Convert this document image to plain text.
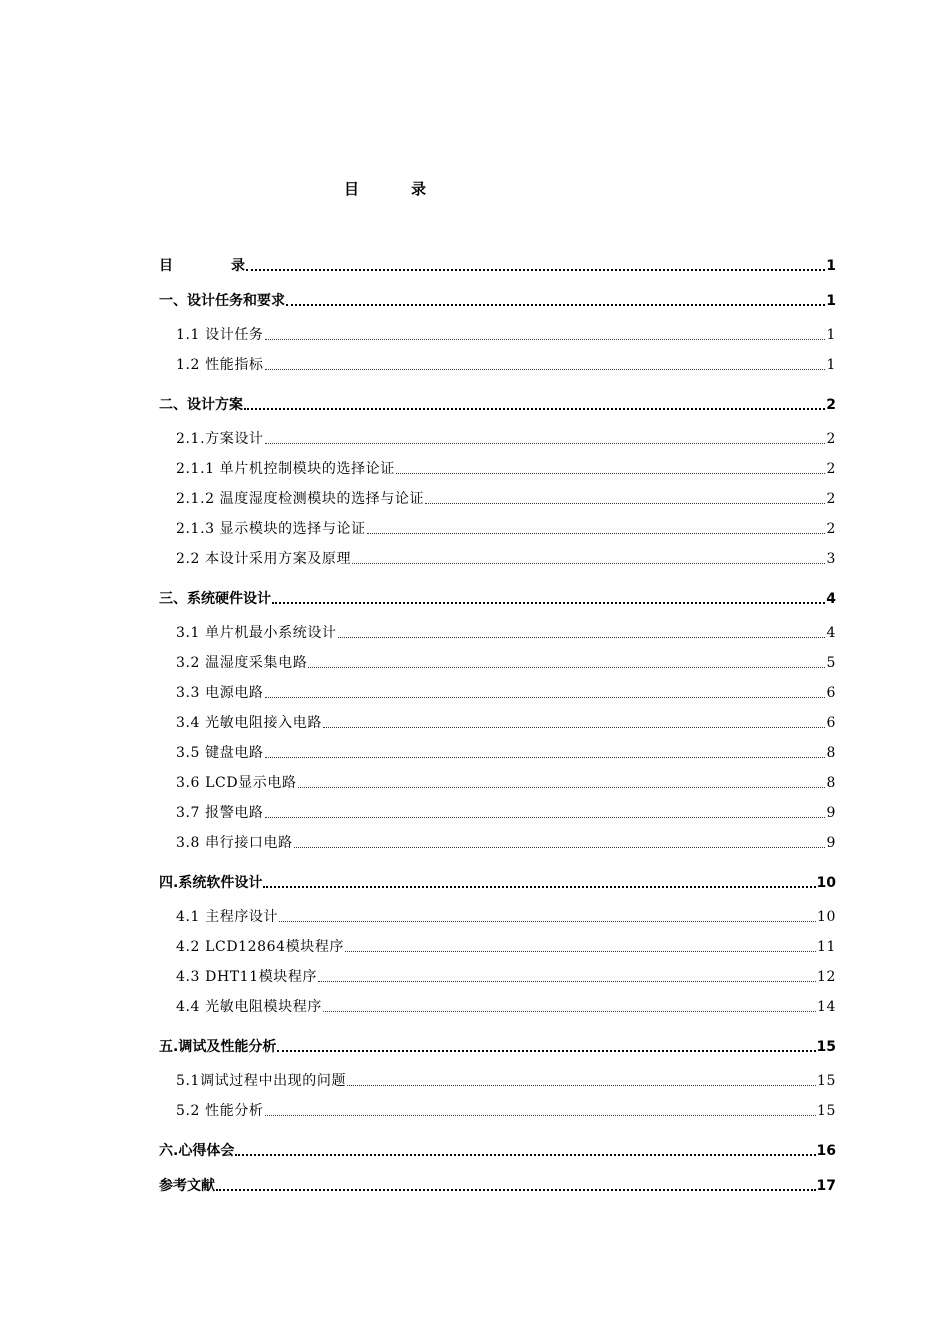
目	录
目	录	1
一、设计任务和要求	1
1.1 设计任务	1
1.2 性能指标	1
二、设计方案	2
2.1.方案设计	2
2.1.1 单片机控制模块的选择论证	2
2.1.2 温度湿度检测模块的选择与论证	2
2.1.3 显示模块的选择与论证	2
2.2 本设计采用方案及原理	3
三、系统硬件设计	4
3.1 单片机最小系统设计	4
3.2 温湿度采集电路	5
3.3 电源电路	6
3.4 光敏电阻接入电路	6
3.5 键盘电路	8
3.6 LCD显示电路	8
3.7 报警电路	9
3.8 串行接口电路	9
四.系统软件设计	10
4.1 主程序设计	10
4.2 LCD12864模块程序	11
4.3 DHT11模块程序	12
4.4 光敏电阻模块程序	14
五.调试及性能分析	15
5.1调试过程中出现的问题	15
5.2 性能分析	15
六.心得体会	16
参考文献	17
